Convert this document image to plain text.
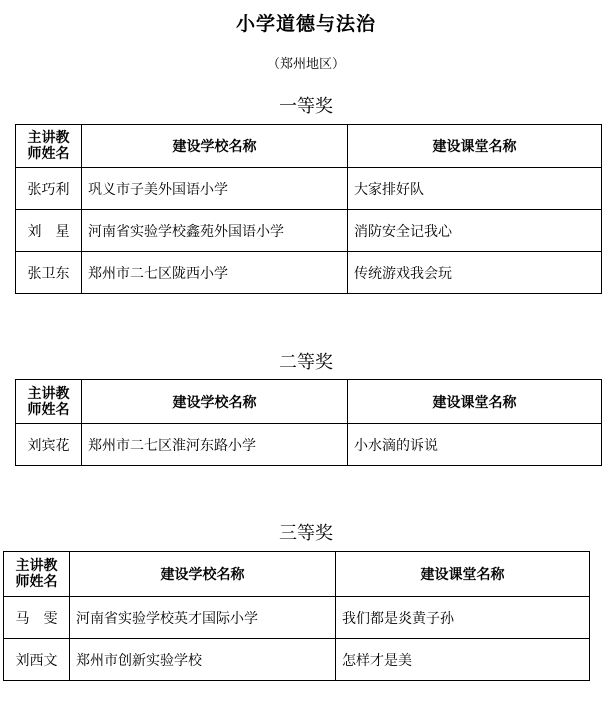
小学道德与法治
（郑州地区）
一等奖
主讲教
师姓名	建设学校名称	建设课堂名称
张巧利	巩义市子美外国语小学	大家排好队
刘　星	河南省实验学校鑫苑外国语小学	消防安全记我心
张卫东	郑州市二七区陇西小学	传统游戏我会玩
二等奖
主讲教
师姓名	建设学校名称	建设课堂名称
刘宾花	郑州市二七区淮河东路小学	小水滴的诉说
三等奖
主讲教
师姓名	建设学校名称	建设课堂名称
马　雯	河南省实验学校英才国际小学	我们都是炎黄子孙
刘西文	郑州市创新实验学校	怎样才是美
